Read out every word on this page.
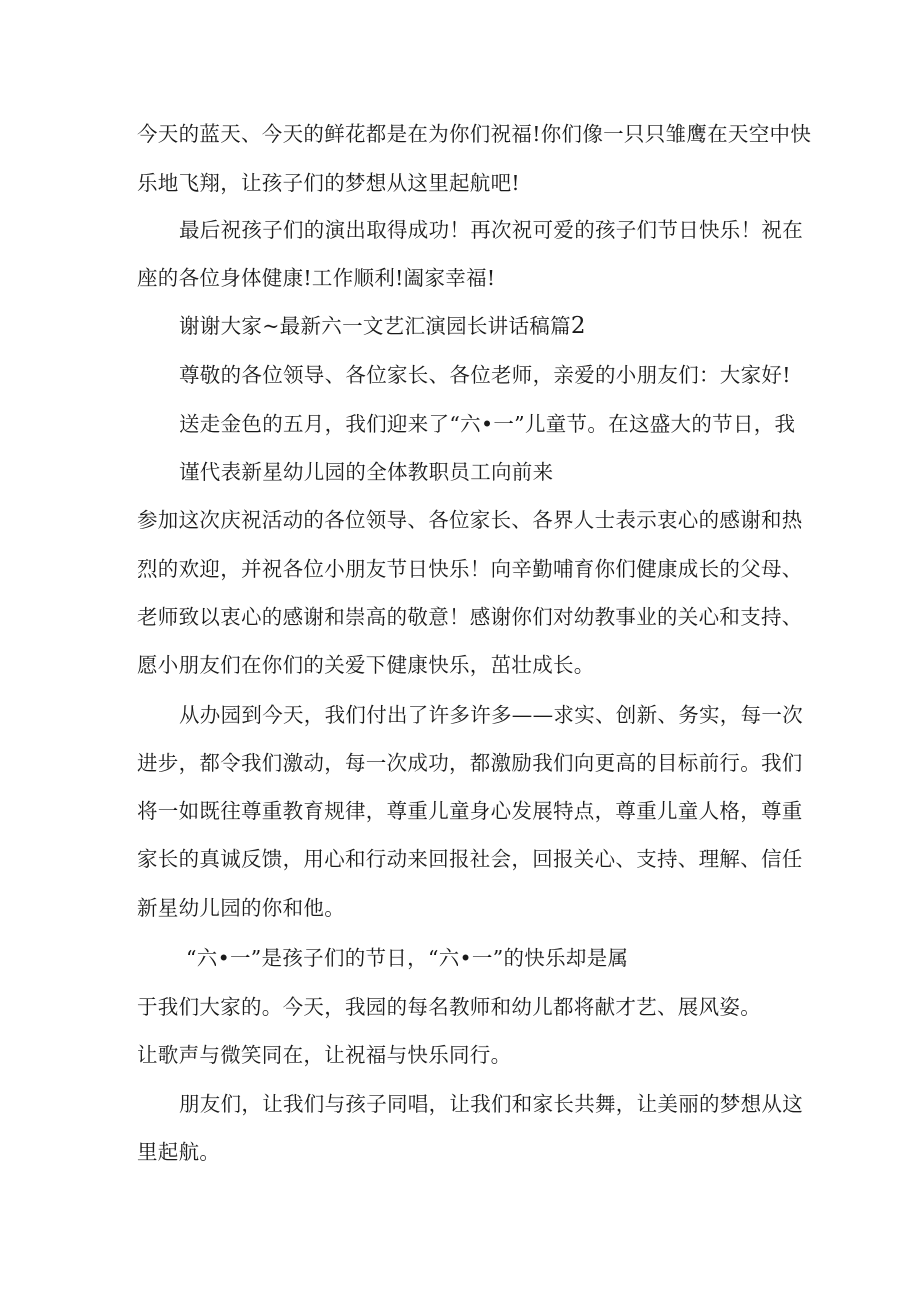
今天的蓝天、今天的鲜花都是在为你们祝福!你们像一只只雏鹰在天空中快

乐地飞翔，让孩子们的梦想从这里起航吧!

最后祝孩子们的演出取得成功！再次祝可爱的孩子们节日快乐！祝在

座的各位身体健康!工作顺利!阖家幸福!

谢谢大家~最新六一文艺汇演园长讲话稿篇2

尊敬的各位领导、各位家长、各位老师，亲爱的小朋友们：大家好!

送走金色的五月，我们迎来了“六•一”儿童节。在这盛大的节日，我

谨代表新星幼儿园的全体教职员工向前来

参加这次庆祝活动的各位领导、各位家长、各界人士表示衷心的感谢和热

烈的欢迎，并祝各位小朋友节日快乐！向辛勤哺育你们健康成长的父母、

老师致以衷心的感谢和崇高的敬意！感谢你们对幼教事业的关心和支持、

愿小朋友们在你们的关爱下健康快乐，茁壮成长。

从办园到今天，我们付出了许多许多——求实、创新、务实，每一次

进步，都令我们激动，每一次成功，都激励我们向更高的目标前行。我们

将一如既往尊重教育规律，尊重儿童身心发展特点，尊重儿童人格，尊重

家长的真诚反馈，用心和行动来回报社会，回报关心、支持、理解、信任

新星幼儿园的你和他。

“六•一”是孩子们的节日，“六•一”的快乐却是属

于我们大家的。今天，我园的每名教师和幼儿都将献才艺、展风姿。

让歌声与微笑同在，让祝福与快乐同行。

朋友们，让我们与孩子同唱，让我们和家长共舞，让美丽的梦想从这

里起航。
